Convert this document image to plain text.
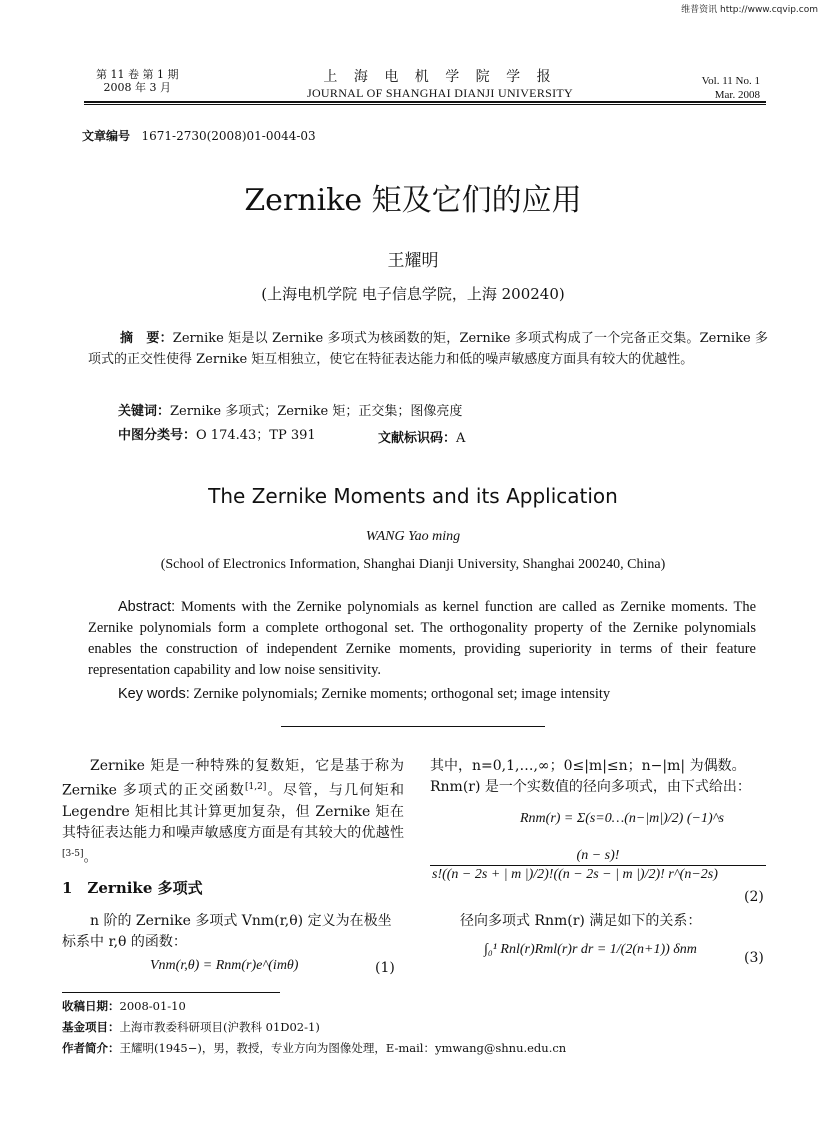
维普资讯 http://www.cqvip.com
第 11 卷 第 1 期
2008 年 3 月
上 海 电 机 学 院 学 报
JOURNAL OF SHANGHAI DIANJI UNIVERSITY
Vol. 11 No. 1
Mar. 2008
文章编号 1671-2730(2008)01-0044-03
Zernike 矩及它们的应用
王耀明
(上海电机学院 电子信息学院，上海 200240)
摘　要：Zernike 矩是以 Zernike 多项式为核函数的矩，Zernike 多项式构成了一个完备正交集。Zernike 多项式的正交性使得 Zernike 矩互相独立，使它在特征表达能力和低的噪声敏感度方面具有较大的优越性。
关键词：Zernike 多项式；Zernike 矩；正交集；图像亮度
中图分类号：O 174.43；TP 391	文献标识码：A
The Zernike Moments and its Application
WANG Yao ming
(School of Electronics Information, Shanghai Dianji University, Shanghai 200240, China)
Abstract: Moments with the Zernike polynomials as kernel function are called as Zernike moments. The Zernike polynomials form a complete orthogonal set. The orthogonality property of the Zernike polynomials enables the construction of independent Zernike moments, providing superiority in terms of their feature representation capability and low noise sensitivity.
Key words: Zernike polynomials; Zernike moments; orthogonal set; image intensity
Zernike 矩是一种特殊的复数矩，它是基于称为 Zernike 多项式的正交函数[1,2]。尽管，与几何矩和 Legendre 矩相比其计算更加复杂，但 Zernike 矩在其特征表达能力和噪声敏感度方面是有其较大的优越性[3-5]。
1　Zernike 多项式
n 阶的 Zernike 多项式 Vnm(r,θ) 定义为在极坐标系中 r,θ 的函数：
Vnm(r,θ) = Rnm(r)e^(imθ)	(1)
其中，n=0,1,…,∞；0≤|m|≤n；n−|m| 为偶数。Rnm(r) 是一个实数值的径向多项式，由下式给出：
Rnm(r) = Σ(s=0…(n−|m|)/2) (−1)^s
(n − s)!
s!((n − 2s + | m |)/2)!((n − 2s − | m |)/2)! r^(n−2s)
(2)
径向多项式 Rnm(r) 满足如下的关系：
∫₀¹ Rnl(r)Rml(r)r dr = 1/(2(n+1)) δnm
(3)
收稿日期：2008-01-10
基金项目：上海市教委科研项目(沪教科 01D02-1)
作者简介：王耀明(1945−)，男，教授，专业方向为图像处理，E-mail：ymwang@shnu.edu.cn
